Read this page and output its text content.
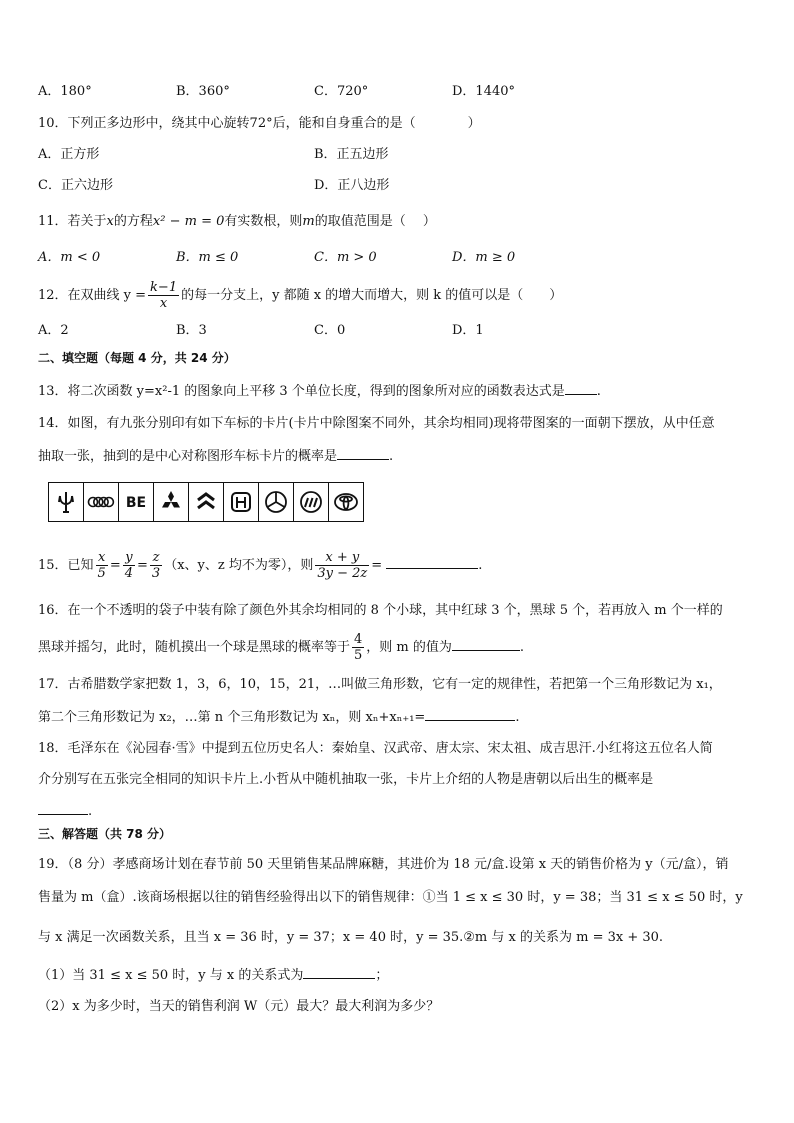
A．180°	B．360°	C．720°	D．1440°
10．下列正多边形中，绕其中心旋转72°后，能和自身重合的是（　　　　）
A．正方形	B．正五边形
C．正六边形	D．正八边形
11．若关于x的方程x² − m = 0有实数根，则m的取值范围是（　 ）
A．m < 0	B．m ≤ 0	C．m > 0	D．m ≥ 0
12．在双曲线 $y = \frac{k-1}{x}$ 的每一分支上，y 都随 x 的增大而增大，则 k 的值可以是（　　）
A．2	B．3	C．0	D．1
二、填空题（每题 4 分，共 24 分）
13．将二次函数 y=x²-1 的图象向上平移 3 个单位长度，得到的图象所对应的函数表达式是 .
14．如图，有九张分别印有如下车标的卡片(卡片中除图案不同外，其余均相同)现将带图案的一面朝下摆放，从中任意
抽取一张，抽到的是中心对称图形车标卡片的概率是	.
BE
15．已知 $\frac{x}{5} = \frac{y}{4} = \frac{z}{3} (x$、y、z 均不为零），则 $\frac{x + y}{3y - 2z}$ =	.
16．在一个不透明的袋子中装有除了颜色外其余均相同的 8 个小球，其中红球 3 个，黑球 5 个，若再放入 m 个一样的
黑球并摇匀，此时，随机摸出一个球是黑球的概率等于 $\frac{4}{5}$ ，则 m 的值为	.
17．古希腊数学家把数 1，3，6，10，15，21，…叫做三角形数，它有一定的规律性，若把第一个三角形数记为 x₁，
第二个三角形数记为 x₂，…第 n 个三角形数记为 xₙ，则 xₙ+xₙ₊₁=	.
18．毛泽东在《沁园春·雪》中提到五位历史名人：秦始皇、汉武帝、唐太宗、宋太祖、成吉思汗.小红将这五位名人简
介分别写在五张完全相同的知识卡片上.小哲从中随机抽取一张，卡片上介绍的人物是唐朝以后出生的概率是
.
三、解答题（共 78 分）
19．（8 分）孝感商场计划在春节前 50 天里销售某品牌麻糖，其进价为 18 元/盒.设第 x 天的销售价格为 y（元/盒），销
售量为 m（盒）.该商场根据以往的销售经验得出以下的销售规律：①当 1 ≤ x ≤ 30 时，y = 38；当 31 ≤ x ≤ 50 时，y
与 x 满足一次函数关系，且当 x = 36 时，y = 37；x = 40 时，y = 35.②m 与 x 的关系为 m = 3x + 30.
（1）当 31 ≤ x ≤ 50 时，y 与 x 的关系式为	；
（2）x 为多少时，当天的销售利润 W（元）最大？最大利润为多少？
